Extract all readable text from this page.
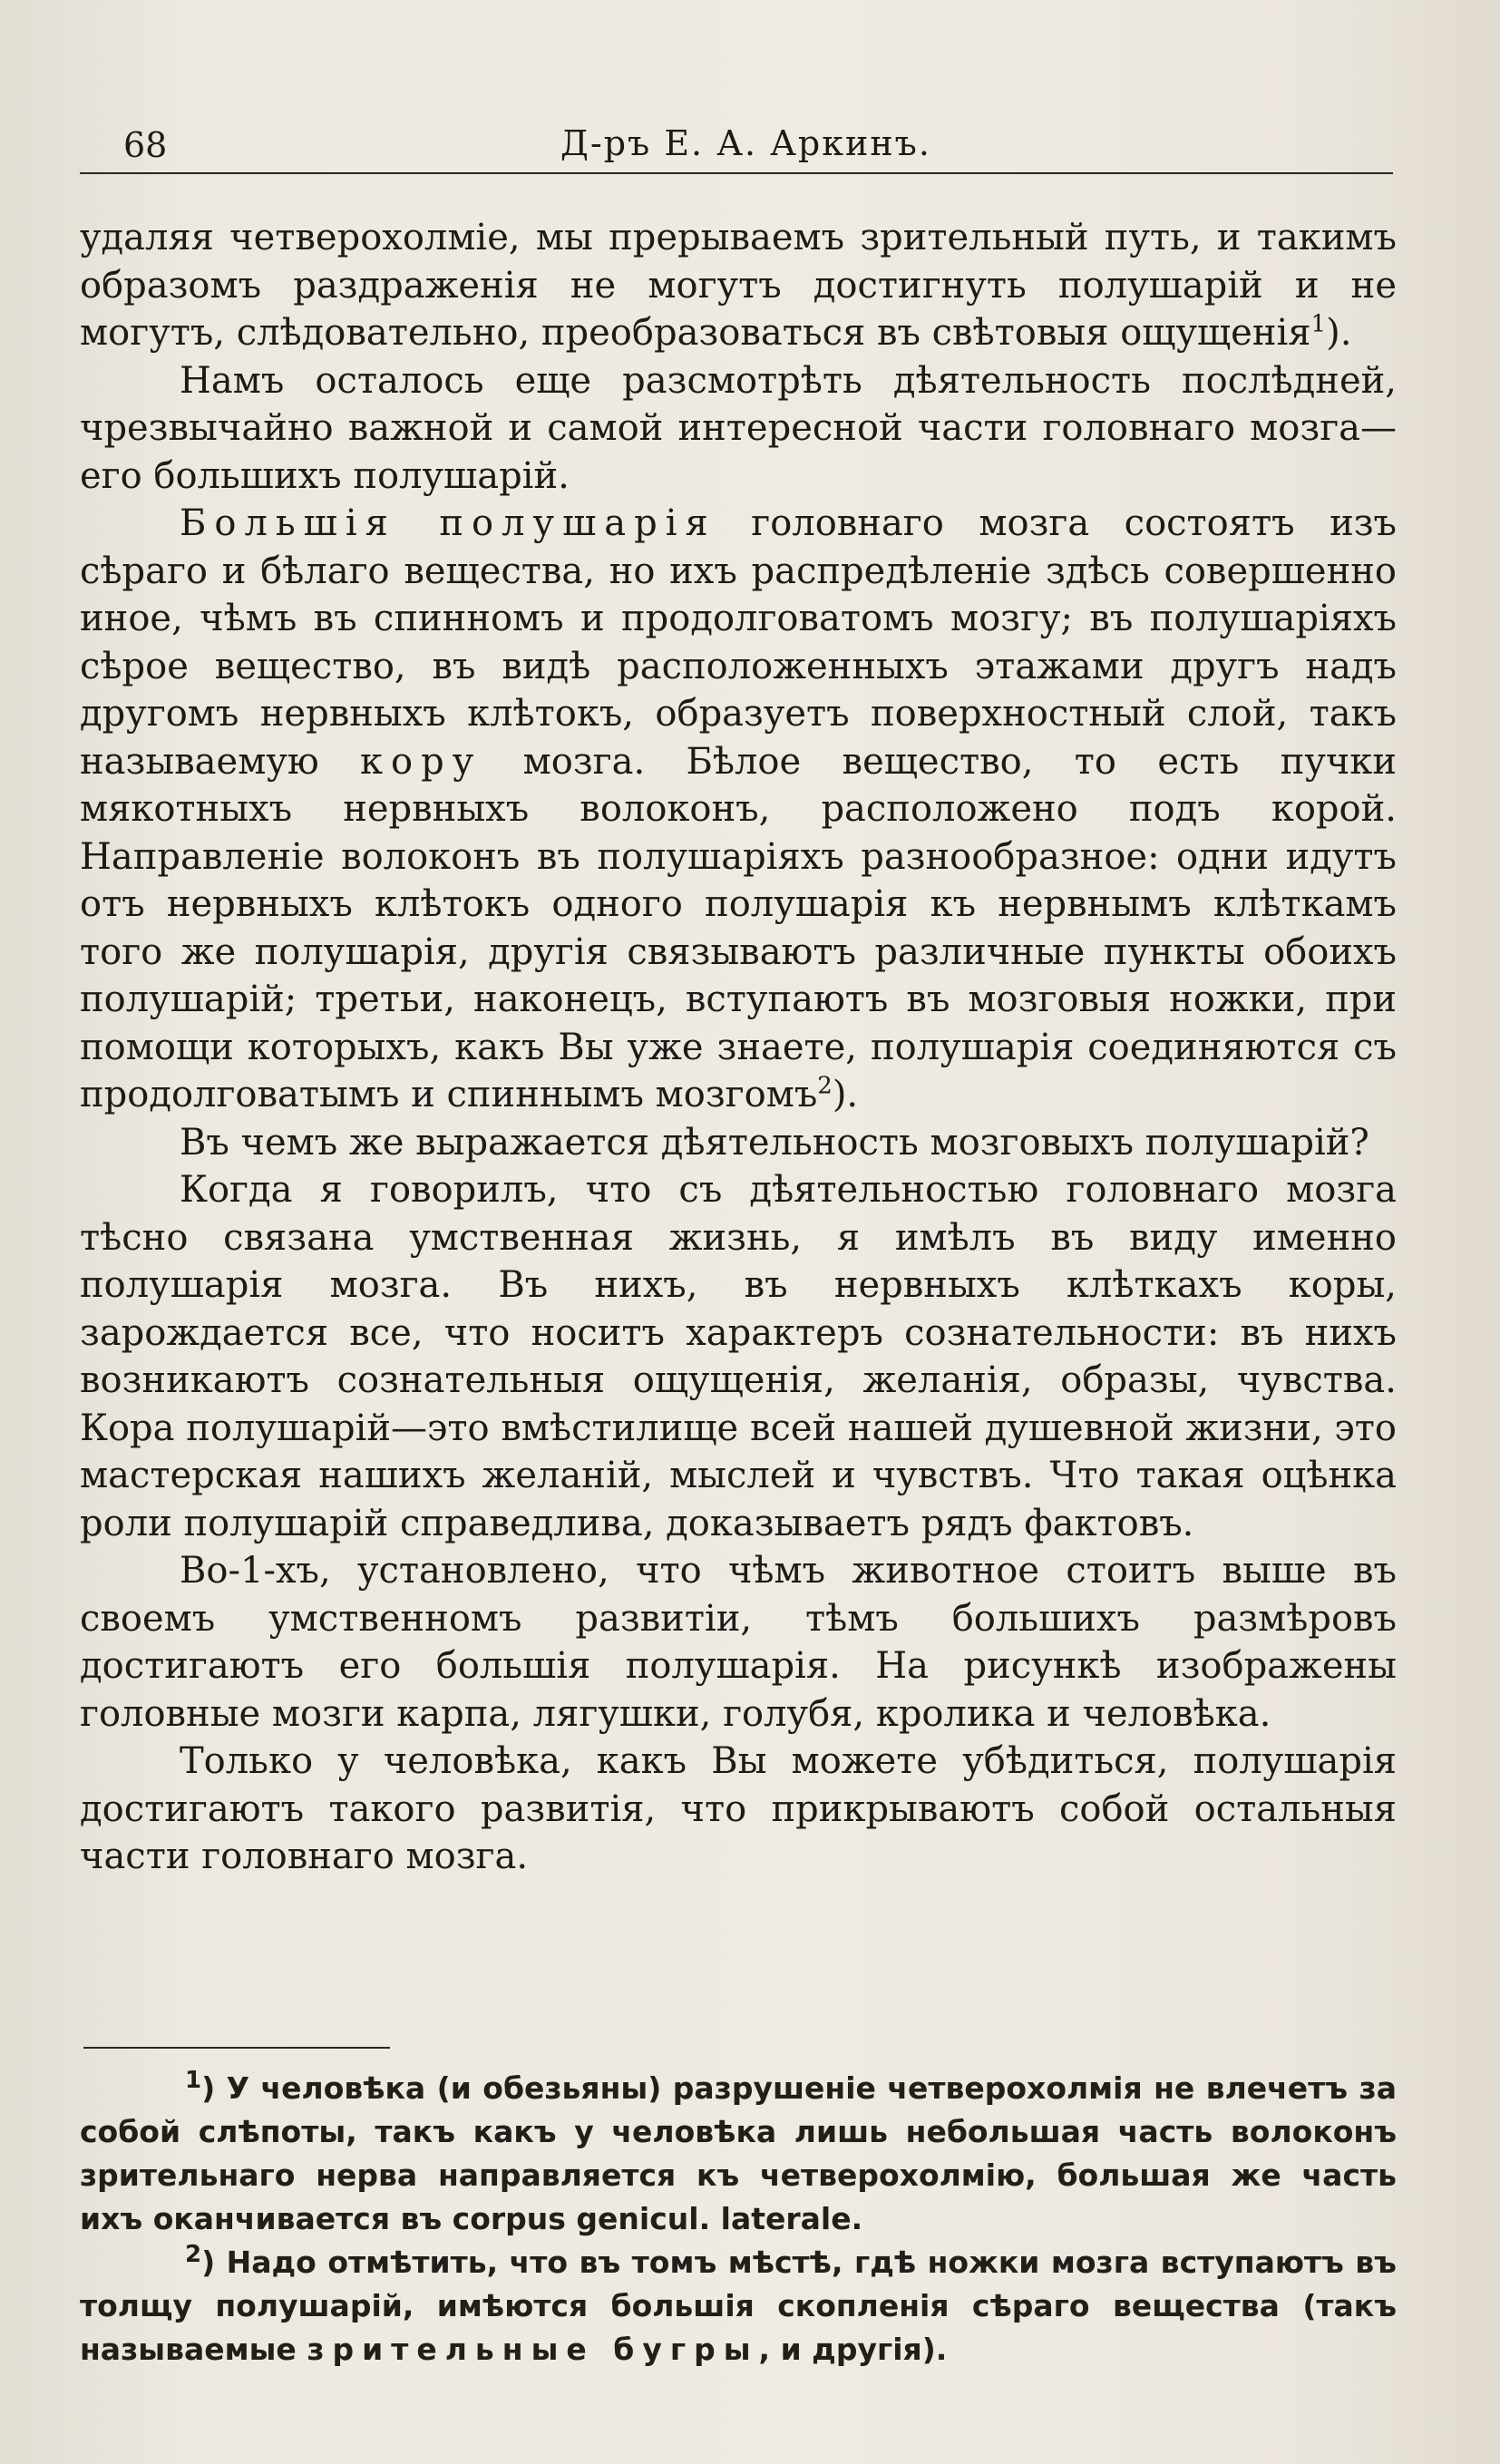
68	Д-ръ Е. А. Аркинъ.

удаляя четверохолміе, мы прерываемъ зрительный путь, и такимъ образомъ раздраженія не могутъ достигнуть полушарій и не могутъ, слѣдовательно, преобразоваться въ свѣтовыя ощущенія$^1$).

Намъ осталось еще разсмотрѣть дѣятельность послѣдней, чрезвычайно важной и самой интересной части головнаго мозга—его большихъ полушарій.

Большія полушарія головнаго мозга состоятъ изъ сѣраго и бѣлаго вещества, но ихъ распредѣленіе здѣсь совершенно иное, чѣмъ въ спинномъ и продолговатомъ мозгу; въ полушаріяхъ сѣрое вещество, въ видѣ расположенныхъ этажами другъ надъ другомъ нервныхъ клѣтокъ, образуетъ поверхностный слой, такъ называемую кору мозга. Бѣлое вещество, то есть пучки мякотныхъ нервныхъ волоконъ, расположено подъ корой. Направленіе волоконъ въ полушаріяхъ разнообразное: одни идутъ отъ нервныхъ клѣтокъ одного полушарія къ нервнымъ клѣткамъ того же полушарія, другія связываютъ различные пункты обоихъ полушарій; третьи, наконецъ, вступаютъ въ мозговыя ножки, при помощи которыхъ, какъ Вы уже знаете, полушарія соединяются съ продолговатымъ и спиннымъ мозгомъ$^2$).

Въ чемъ же выражается дѣятельность мозговыхъ полушарій?

Когда я говорилъ, что съ дѣятельностью головнаго мозга тѣсно связана умственная жизнь, я имѣлъ въ виду именно полушарія мозга. Въ нихъ, въ нервныхъ клѣткахъ коры, зарождается все, что носитъ характеръ сознательности: въ нихъ возникаютъ сознательныя ощущенія, желанія, образы, чувства. Кора полушарій—это вмѣстилище всей нашей душевной жизни, это мастерская нашихъ желаній, мыслей и чувствъ. Что такая оцѣнка роли полушарій справедлива, доказываетъ рядъ фактовъ.

Во-1-хъ, установлено, что чѣмъ животное стоитъ выше въ своемъ умственномъ развитіи, тѣмъ большихъ размѣровъ достигаютъ его большія полушарія. На рисункѣ изображены головные мозги карпа, лягушки, голубя, кролика и человѣка.

Только у человѣка, какъ Вы можете убѣдиться, полушарія достигаютъ такого развитія, что прикрываютъ собой остальныя части головнаго мозга.

$^1$) У человѣка (и обезьяны) разрушеніе четверохолмія не влечетъ за собой слѣпоты, такъ какъ у человѣка лишь небольшая часть волоконъ зрительнаго нерва направляется къ четверохолмію, большая же часть ихъ оканчивается въ corpus genicul. laterale.

$^2$) Надо отмѣтить, что въ томъ мѣстѣ, гдѣ ножки мозга вступаютъ въ толщу полушарій, имѣются большія скопленія сѣраго вещества (такъ называемые зрительные бугры, и другія).
